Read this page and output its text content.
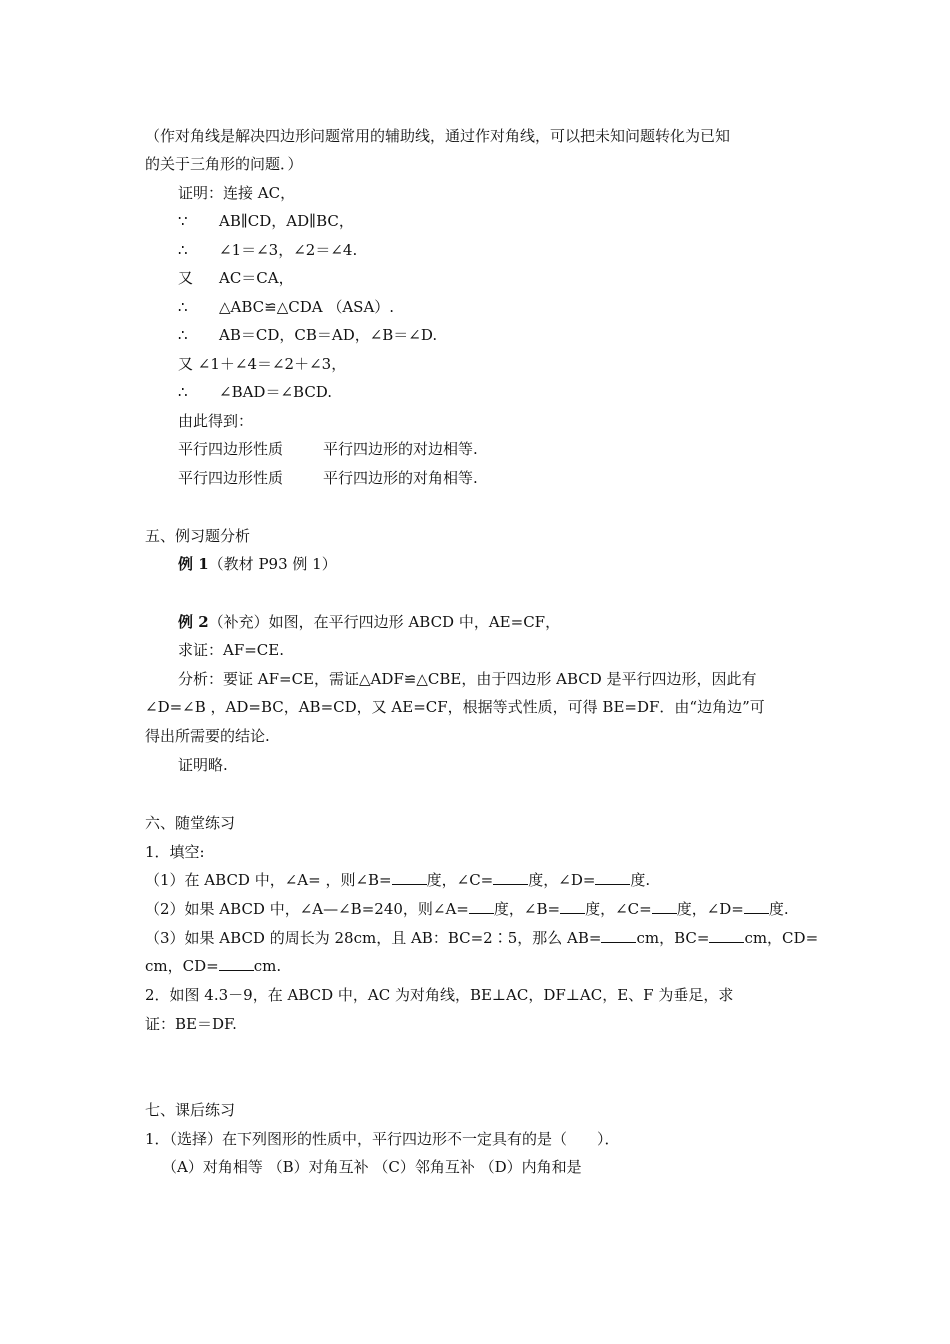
（作对角线是解决四边形问题常用的辅助线，通过作对角线，可以把未知问题转化为已知
的关于三角形的问题．）
证明：连接 AC，
∵ AB∥CD，AD∥BC，
∴ ∠1＝∠3，∠2＝∠4.
又 AC＝CA，
∴ △ABC≌△CDA （ASA）.
∴ AB＝CD，CB＝AD，∠B＝∠D.
又 ∠1＋∠4＝∠2＋∠3，
∴ ∠BAD＝∠BCD.
由此得到：
平行四边形性质	平行四边形的对边相等.
平行四边形性质	平行四边形的对角相等.
五、例习题分析
例 1（教材 P93 例 1）
例 2（补充）如图，在平行四边形 ABCD 中，AE=CF，
求证：AF=CE.
分析：要证 AF=CE，需证△ADF≌△CBE，由于四边形 ABCD 是平行四边形，因此有
∠D=∠B ，AD=BC，AB=CD，又 AE=CF，根据等式性质，可得 BE=DF．由“边角边”可
得出所需要的结论.
证明略.
六、随堂练习
1．填空:
（1）在 ABCD 中，∠A= ，则∠B= 度，∠C= 度，∠D= 度.
（2）如果 ABCD 中，∠A—∠B=240，则∠A= 度，∠B= 度，∠C= 度，∠D= 度.
（3）如果 ABCD 的周长为 28cm，且 AB：BC=2∶5，那么 AB= cm，BC= cm，CD=
cm，CD= cm.
2．如图 4.3－9，在 ABCD 中，AC 为对角线，BE⊥AC，DF⊥AC，E、F 为垂足，求
证：BE＝DF.
七、课后练习
1．（选择）在下列图形的性质中，平行四边形不一定具有的是（　　）．
（A）对角相等 （B）对角互补 （C）邻角互补 （D）内角和是
